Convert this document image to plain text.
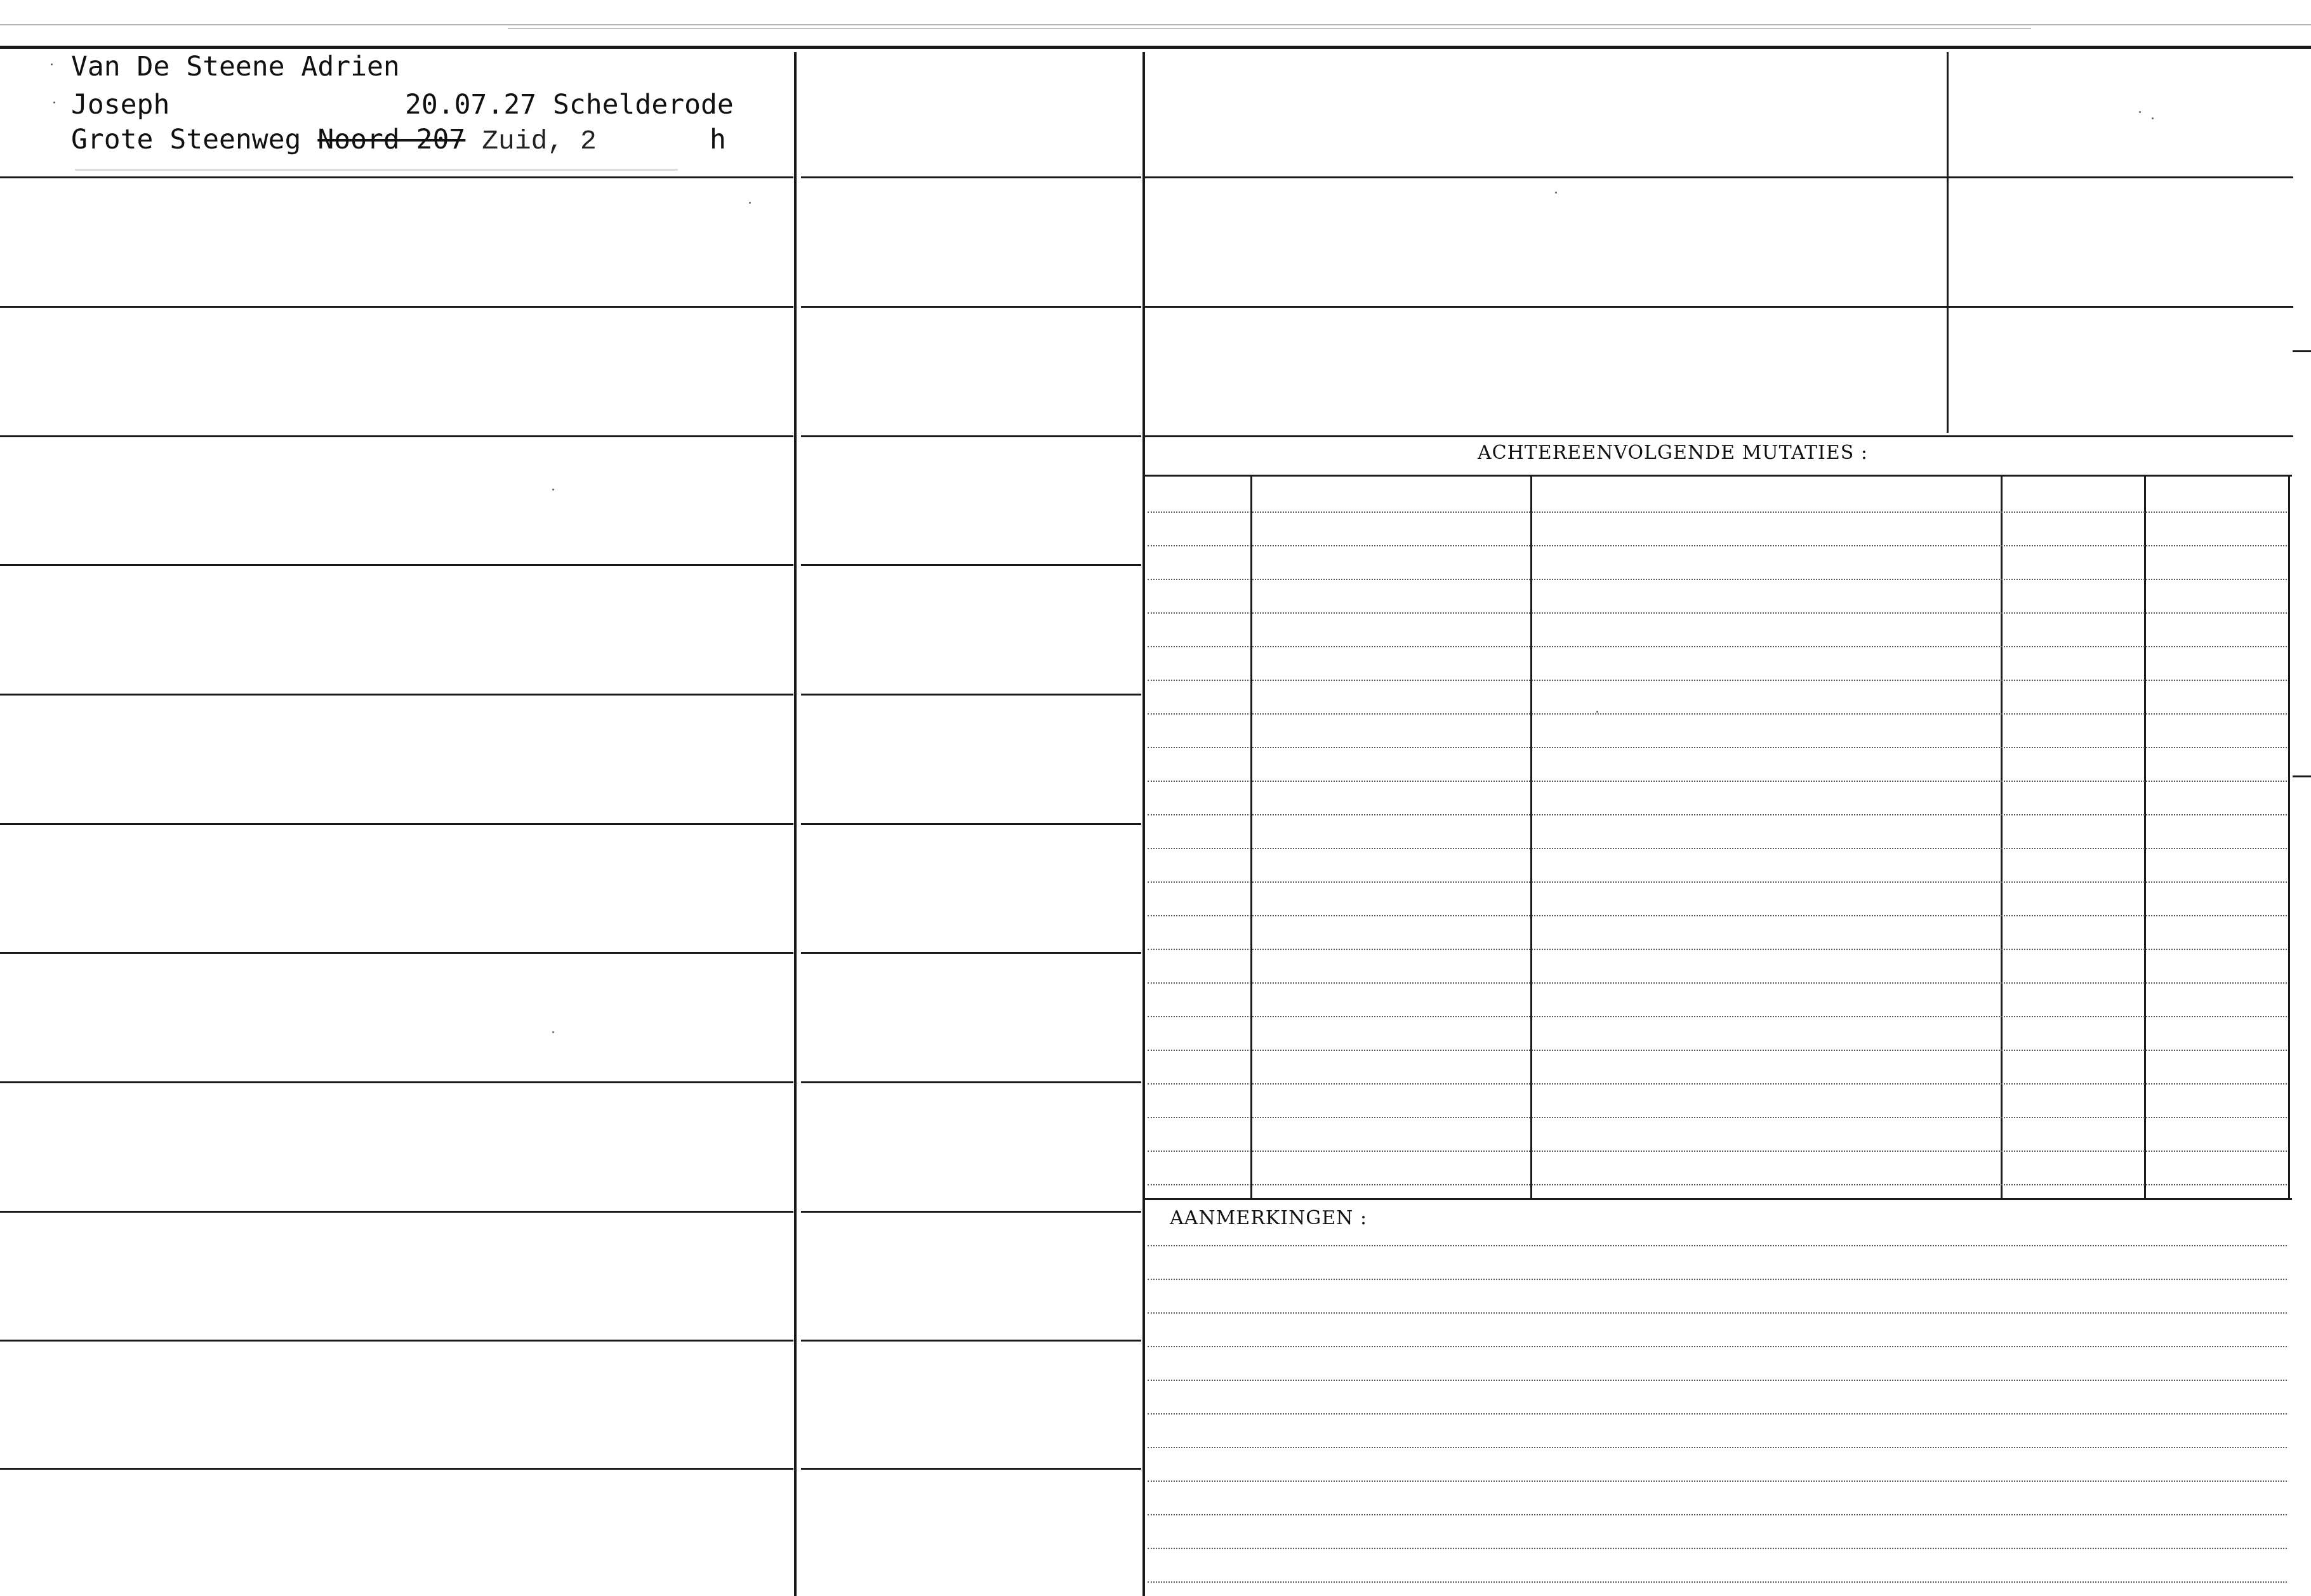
Van De Steene Adrien
Joseph	20.07.27 Schelderode
Grote Steenweg Noord 207 Zuid, 2	h
ACHTEREENVOLGENDE MUTATIES :
AANMERKINGEN :
